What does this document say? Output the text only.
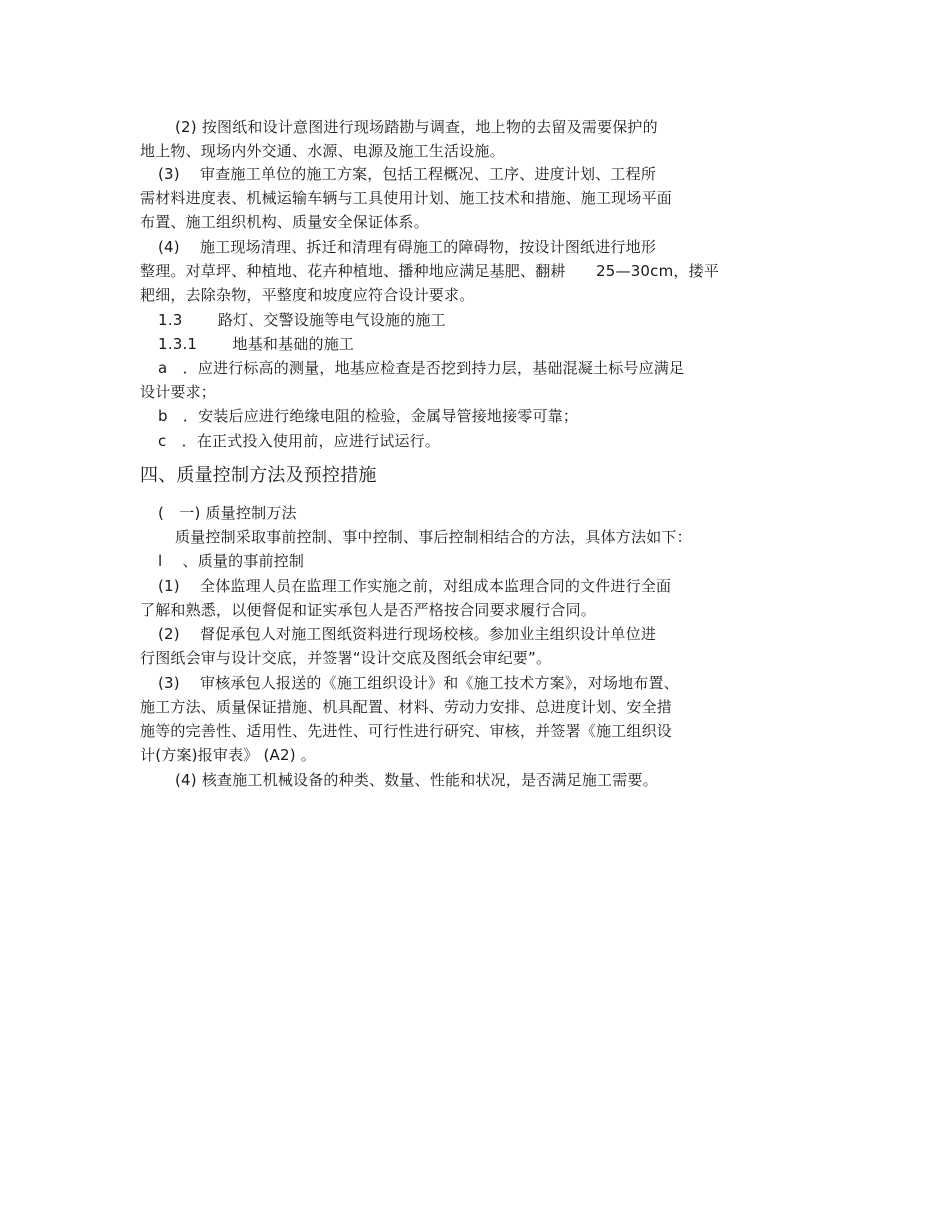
(2) 按图纸和设计意图进行现场踏勘与调查，地上物的去留及需要保护的
地上物、现场内外交通、水源、电源及施工生活设施。
(3)　 审查施工单位的施工方案，包括工程概况、工序、进度计划、工程所
需材料进度表、机械运输车辆与工具使用计划、施工技术和措施、施工现场平面
布置、施工组织机构、质量安全保证体系。
(4)　 施工现场清理、拆迁和清理有碍施工的障碍物，按设计图纸进行地形
整理。对草坪、种植地、花卉种植地、播种地应满足基肥、翻耕　　25—30cm，搂平
耙细，去除杂物，平整度和坡度应符合设计要求。
1.3　　 路灯、交警设施等电气设施的施工
1.3.1　　 地基和基础的施工
a　．应进行标高的测量，地基应检查是否挖到持力层，基础混凝土标号应满足
设计要求；
b　．安装后应进行绝缘电阻的检验，金属导管接地接零可靠；
c　．在正式投入使用前，应进行试运行。
四、质量控制方法及预控措施
(　一) 质量控制万法
质量控制采取事前控制、事中控制、事后控制相结合的方法，具体方法如下：
l　 、质量的事前控制
(1)　 全体监理人员在监理工作实施之前，对组成本监理合同的文件进行全面
了解和熟悉，以便督促和证实承包人是否严格按合同要求履行合同。
(2)　 督促承包人对施工图纸资料进行现场校核。参加业主组织设计单位进
行图纸会审与设计交底，并签署“设计交底及图纸会审纪要”。
(3)　 审核承包人报送的《施工组织设计》和《施工技术方案》，对场地布置、
施工方法、质量保证措施、机具配置、材料、劳动力安排、总进度计划、安全措
施等的完善性、适用性、先进性、可行性进行研究、审核，并签署《施工组织设
计(方案)报审表》 (A2) 。
(4) 核查施工机械设备的种类、数量、性能和状况，是否满足施工需要。
